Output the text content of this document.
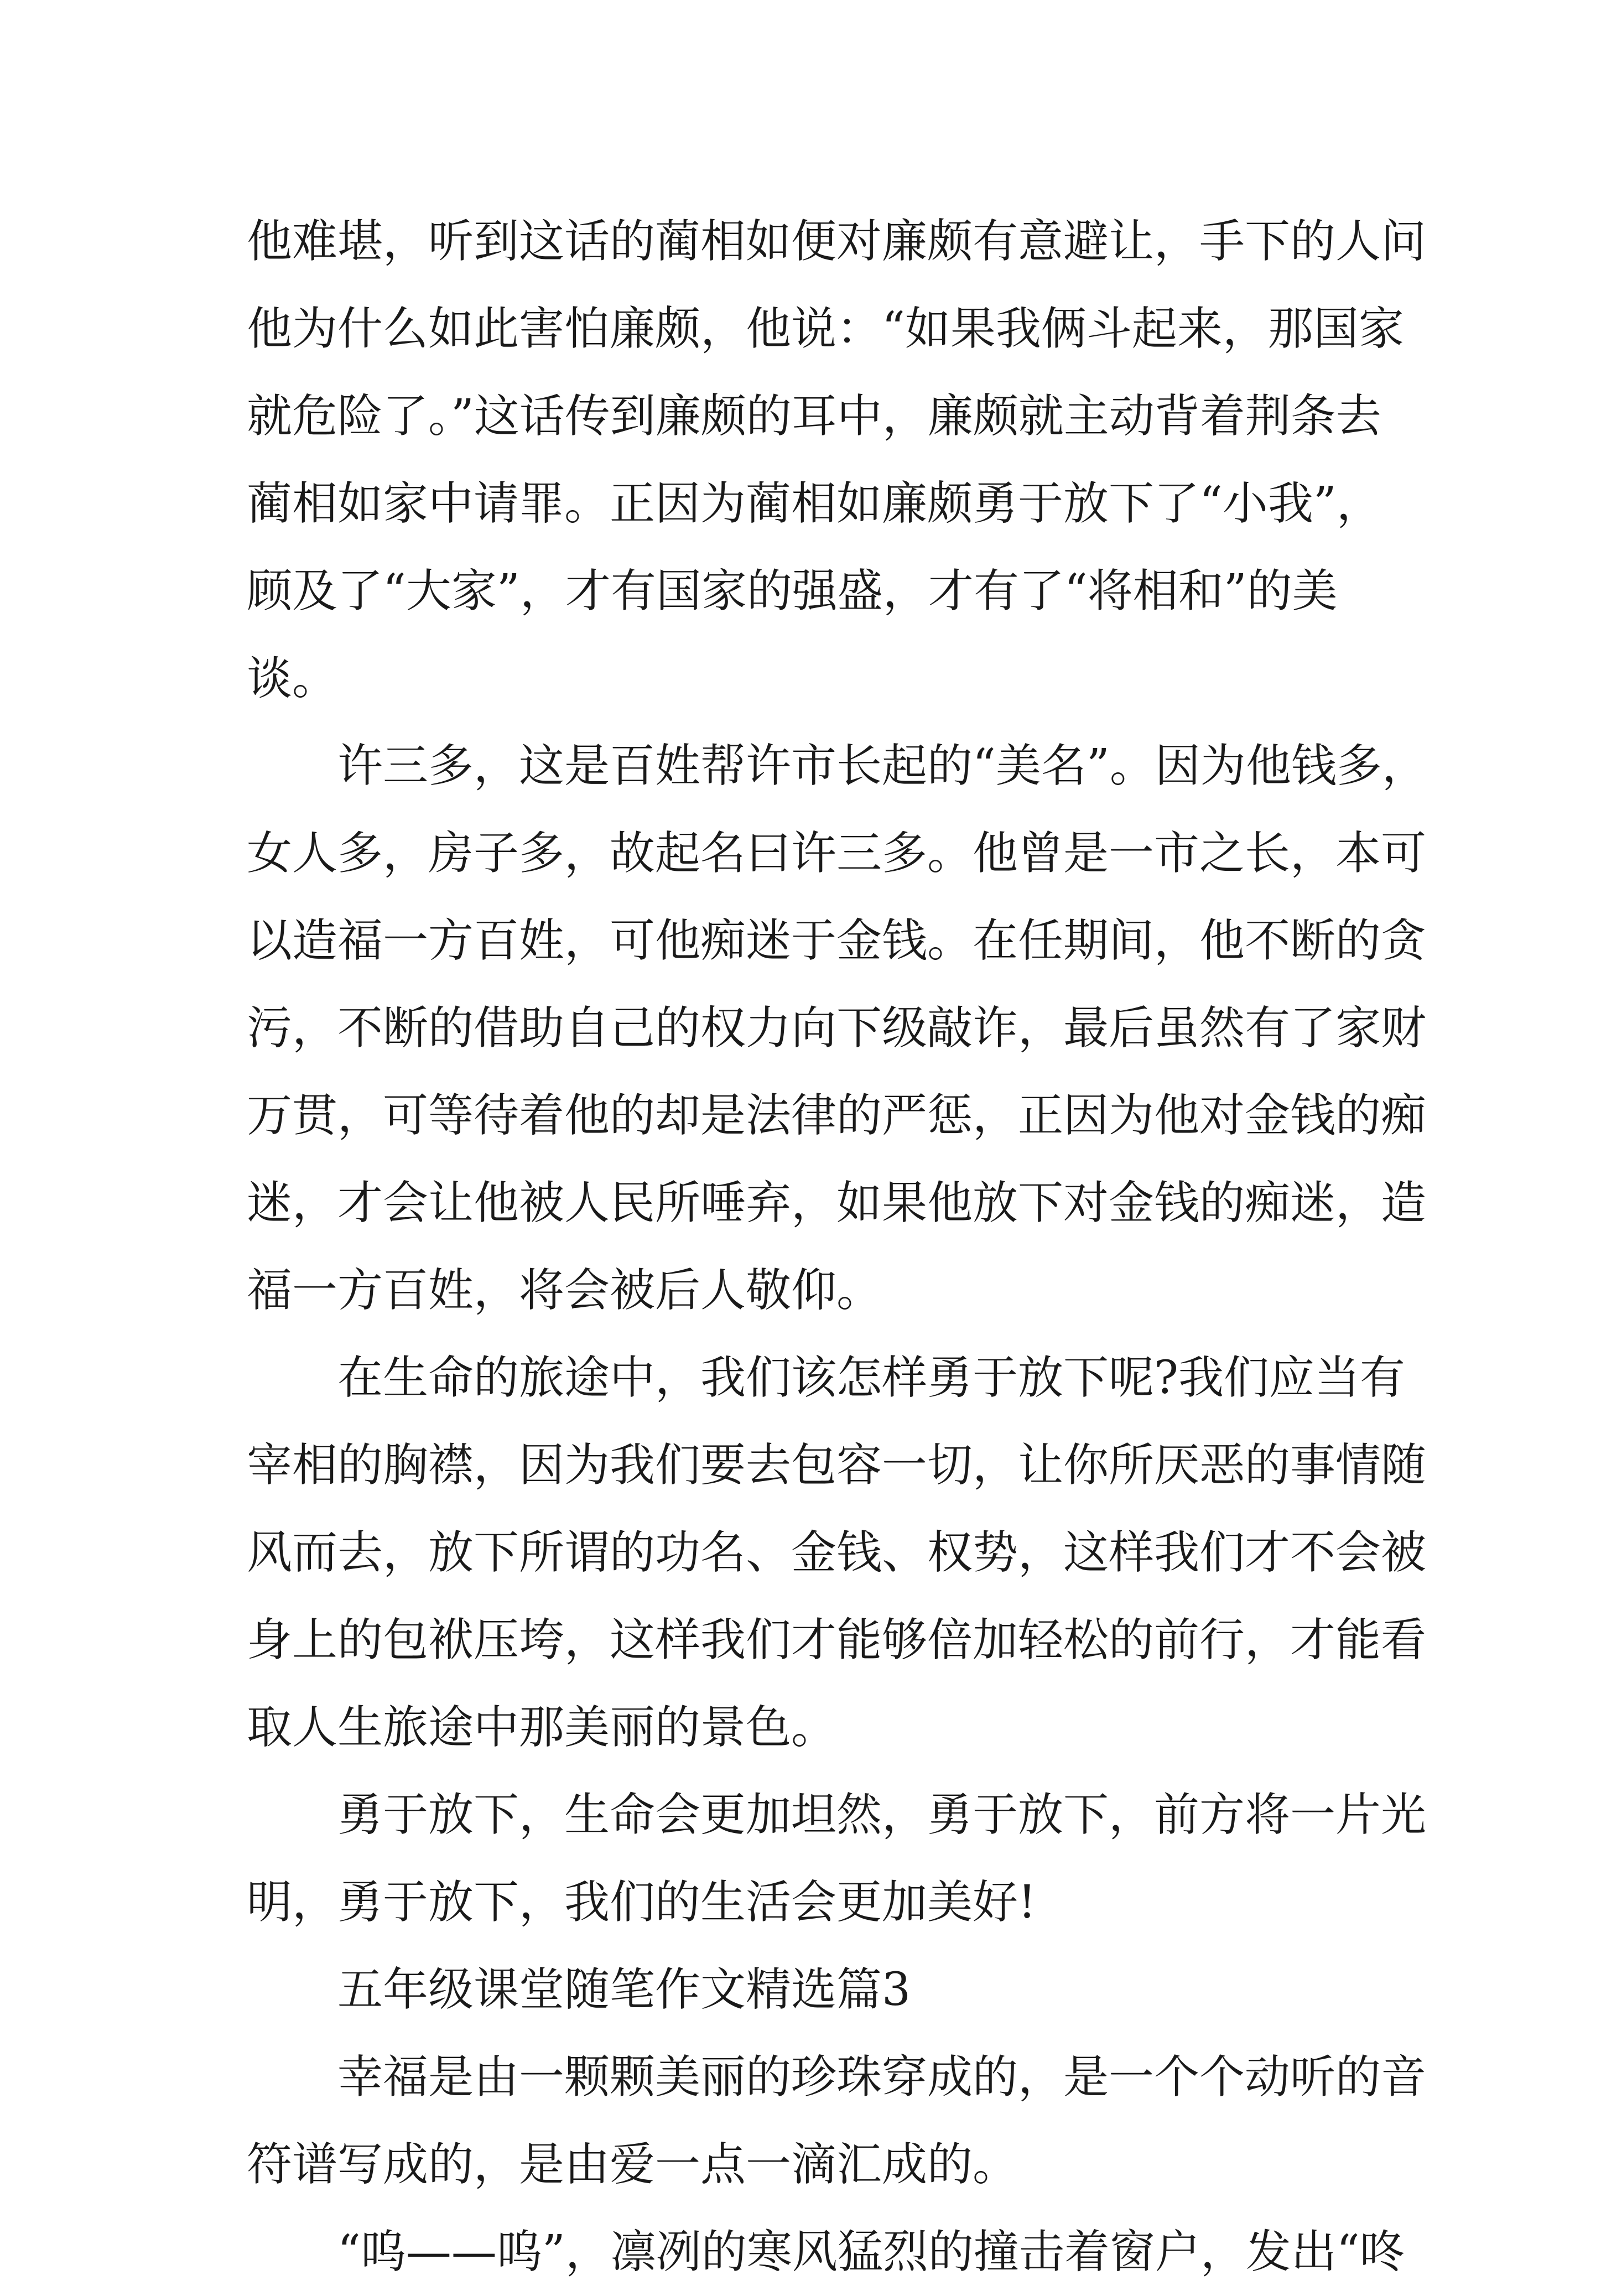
他难堪，听到这话的蔺相如便对廉颇有意避让，手下的人问
他为什么如此害怕廉颇，他说：“如果我俩斗起来，那国家
就危险了。”这话传到廉颇的耳中，廉颇就主动背着荆条去
蔺相如家中请罪。正因为蔺相如廉颇勇于放下了“小我”，
顾及了“大家”，才有国家的强盛，才有了“将相和”的美
谈。
许三多，这是百姓帮许市长起的“美名”。因为他钱多，
女人多，房子多，故起名曰许三多。他曾是一市之长，本可
以造福一方百姓，可他痴迷于金钱。在任期间，他不断的贪
污，不断的借助自己的权力向下级敲诈，最后虽然有了家财
万贯，可等待着他的却是法律的严惩，正因为他对金钱的痴
迷，才会让他被人民所唾弃，如果他放下对金钱的痴迷，造
福一方百姓，将会被后人敬仰。
在生命的旅途中，我们该怎样勇于放下呢?我们应当有
宰相的胸襟，因为我们要去包容一切，让你所厌恶的事情随
风而去，放下所谓的功名、金钱、权势，这样我们才不会被
身上的包袱压垮，这样我们才能够倍加轻松的前行，才能看
取人生旅途中那美丽的景色。
勇于放下，生命会更加坦然，勇于放下，前方将一片光
明，勇于放下，我们的生活会更加美好!
五年级课堂随笔作文精选篇3
幸福是由一颗颗美丽的珍珠穿成的，是一个个动听的音
符谱写成的，是由爱一点一滴汇成的。
“呜——呜”，凛冽的寒风猛烈的撞击着窗户，发出“咚
